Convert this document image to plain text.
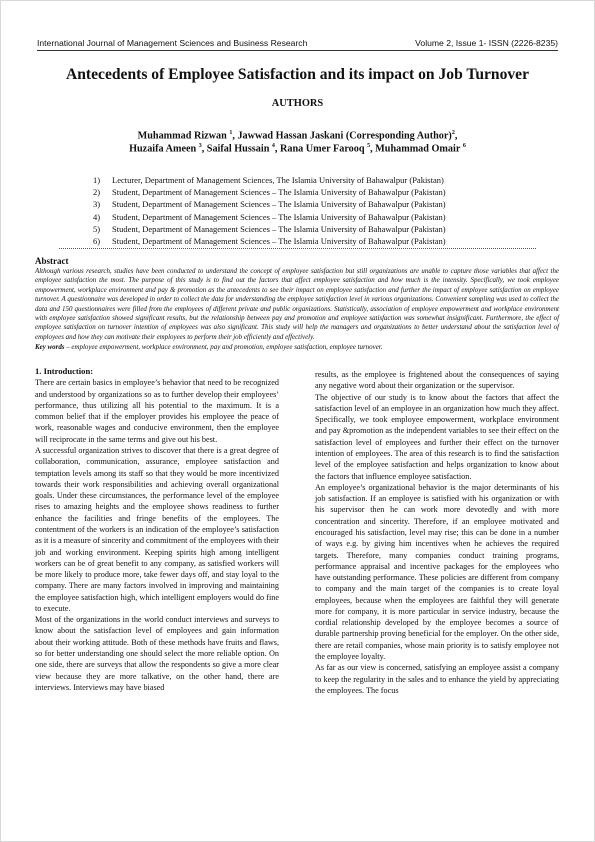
International Journal of Management Sciences and Business Research	Volume 2, Issue 1- ISSN (2226-8235)
Antecedents of Employee Satisfaction and its impact on Job Turnover
AUTHORS
Muhammad Rizwan $^1$, Jawwad Hassan Jaskani (Corresponding Author)$^2$,
Huzaifa Ameen $^3$, Saifal Hussain $^4$, Rana Umer Farooq $^5$, Muhammad Omair $^6$
1) Lecturer, Department of Management Sciences, The Islamia University of Bahawalpur (Pakistan)
2) Student, Department of Management Sciences – The Islamia University of Bahawalpur (Pakistan)
3) Student, Department of Management Sciences – The Islamia University of Bahawalpur (Pakistan)
4) Student, Department of Management Sciences – The Islamia University of Bahawalpur (Pakistan)
5) Student, Department of Management Sciences – The Islamia University of Bahawalpur (Pakistan)
6) Student, Department of Management Sciences – The Islamia University of Bahawalpur (Pakistan)
Abstract

Although various research, studies have been conducted to understand the concept of employee satisfaction but still organizations are unable to capture those variables that affect the employee satisfaction the most. The purpose of this study is to find out the factors that affect employee satisfaction and how much is the intensity. Specifically, we took employee empowerment, workplace environment and pay & promotion as the antecedents to see their impact on employee satisfaction and further the impact of employee satisfaction on employee turnover. A questionnaire was developed in order to collect the data for understanding the employee satisfaction level in various organizations. Convenient sampling was used to collect the data and 150 questionnaires were filled from the employees of different private and public organizations. Statistically, association of employee empowerment and workplace environment with employee satisfaction showed significant results, but the relationship between pay and promotion and employee satisfaction was somewhat insignificant. Furthermore, the effect of employee satisfaction on turnover intention of employees was also significant. This study will help the managers and organizations to better understand about the satisfaction level of employees and how they can motivate their employees to perform their job efficiently and effectively.

Key words – employee empowerment, workplace environment, pay and promotion, employee satisfaction, employee turnover.

1. Introduction:

There are certain basics in employee’s behavior that need to be recognized and understood by organizations so as to further develop their employees’ performance, thus utilizing all his potential to the maximum. It is a common belief that if the employer provides his employee the peace of work, reasonable wages and conducive environment, then the employee will reciprocate in the same terms and give out his best.

A successful organization strives to discover that there is a great degree of collaboration, communication, assurance, employee satisfaction and temptation levels among its staff so that they would be more incentivized towards their work responsibilities and achieving overall organizational goals. Under these circumstances, the performance level of the employee rises to amazing heights and the employee shows readiness to further enhance the facilities and fringe benefits of the employees. The contentment of the workers is an indication of the employee’s satisfaction as it is a measure of sincerity and commitment of the employees with their job and working environment. Keeping spirits high among intelligent workers can be of great benefit to any company, as satisfied workers will be more likely to produce more, take fewer days off, and stay loyal to the company. There are many factors involved in improving and maintaining the employee satisfaction high, which intelligent employers would do fine to execute.

Most of the organizations in the world conduct interviews and surveys to know about the satisfaction level of employees and gain information about their working attitude. Both of these methods have fruits and flaws, so for better understanding one should select the more reliable option. On one side, there are surveys that allow the respondents so give a more clear view because they are more talkative, on the other hand, there are interviews. Interviews may have biased

results, as the employee is frightened about the consequences of saying any negative word about their organization or the supervisor.

The objective of our study is to know about the factors that affect the satisfaction level of an employee in an organization how much they affect. Specifically, we took employee empowerment, workplace environment and pay &promotion as the independent variables to see their effect on the satisfaction level of employees and further their effect on the turnover intention of employees. The area of this research is to find the satisfaction level of the employee satisfaction and helps organization to know about the factors that influence employee satisfaction.

An employee’s organizational behavior is the major determinants of his job satisfaction. If an employee is satisfied with his organization or with his supervisor then he can work more devotedly and with more concentration and sincerity. Therefore, if an employee motivated and encouraged his satisfaction, level may rise; this can be done in a number of ways e.g. by giving him incentives when he achieves the required targets. Therefore, many companies conduct training programs, performance appraisal and incentive packages for the employees who have outstanding performance. These policies are different from company to company and the main target of the companies is to create loyal employees, because when the employees are faithful they will generate more for company, it is more particular in service industry, because the cordial relationship developed by the employee becomes a source of durable partnership proving beneficial for the employer. On the other side, there are retail companies, whose main priority is to satisfy employee not the employee loyalty.

As far as our view is concerned, satisfying an employee assist a company to keep the regularity in the sales and to enhance the yield by appreciating the employees. The focus
